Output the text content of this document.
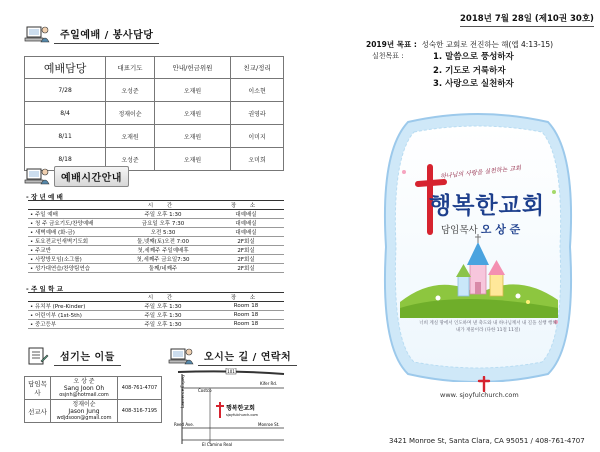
주일예배 / 봉사담당
예배담당	대표기도	안내/헌금위원	친교/정리
7/28	오성준	오재원	이소현
8/4	정재이순	오재원	권영라
8/11	오재원	오재원	이미지
8/18	오성준	오재원	오미희
예배시간안내
- 장 년 예 배
	시 간	장 소
• 주일 예배	주일 오후 1:30	대예배실
• 청 주 금요기도/찬양예배	금요일 오후 7:30	대예배실
• 새벽예배 (화-금)	오전 5:30	대예배실
• 토요전교인새벽기도회	둘,넷째(토)오전 7:00	2F회실
• 주교반	첫,세째주 주일예배후	2F회실
• 사랑방모임(소그룹)	첫,세째주 금요일7:30	2F회실
• 성가대연습/찬양팀연습	둘째/네째주	2F회실
- 주 일 학 교
	시 간	장 소
• 유치부 (Pre-Kinder)	주일 오후 1:30	Room 18
• 어린이부 (1st-5th)	주일 오후 1:30	Room 18
• 중고등부	주일 오후 1:30	Room 18
섬기는 이들
담임목사	오 상 준
Sang Joon Oh
osjnh@hotmail.com	408-761-4707
선교사	정재이순
Jason Jung
wdjdsoon@gmail.com	408-316-7195
오시는 길 / 연락처
101
Lawrence Expwy	Kifer Rd.
Costco
Monroe St.
Reed Ave.
El Camino Real
행복한교회
sjoyfulchurch.com
2018년 7월 28일 (제10권 30호)
2019년 목표 : 성숙한 교회로 전진하는 해(엡 4:13-15)
실천목표 :	1. 말씀으로 풍성하자
2. 기도로 거룩하자
3. 사랑으로 실천하자
하나님의 사랑을 실천하는 교회
행복한교회
담임목사 오 상 준
너희 계실 땅에서 인도하며 낸 축도와 내 하나님께서 내 길을 실행 행해 내가 재물이라 (다한 11절 11절)
www. sjoyfulchurch.com
3421 Monroe St, Santa Clara, CA 95051 / 408-761-4707
